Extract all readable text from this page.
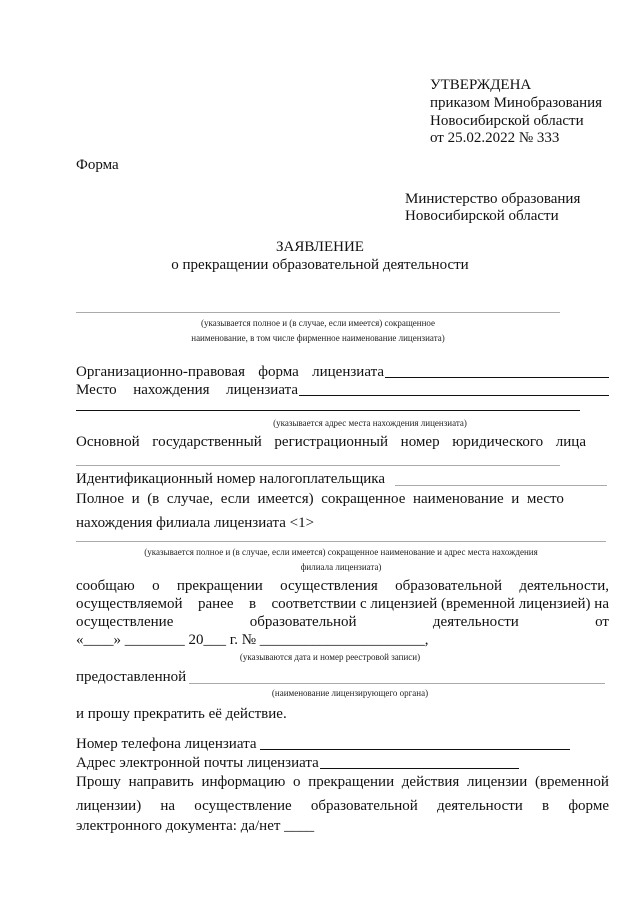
УТВЕРЖДЕНА
приказом Минобразования
Новосибирской области
от 25.02.2022 № 333
Форма
Министерство образования
Новосибирской области
ЗАЯВЛЕНИЕ
о прекращении образовательной деятельности
(указывается полное и (в случае, если имеется) сокращенное
наименование, в том числе фирменное наименование лицензиата)
Организационно-правовая форма лицензиата
Место нахождения лицензиата
(указывается адрес места нахождения лицензиата)
Основной государственный регистрационный номер юридического лица
Идентификационный номер налогоплательщика
Полное и (в случае, если имеется) сокращенное наименование и место
нахождения филиала лицензиата <1>
(указывается полное и (в случае, если имеется) сокращенное наименование и адрес места нахождения
филиала лицензиата)
сообщаю о прекращении осуществления образовательной деятельности,
осуществляемой ранее в соответствии с лицензией (временной лицензией) на
осуществление	образовательной	деятельности	от
«____» ________ 20___ г. № ______________________,
(указываются дата и номер реестровой записи)
предоставленной
(наименование лицензирующего органа)
и прошу прекратить её действие.
Номер телефона лицензиата
Адрес электронной почты лицензиата
Прошу направить информацию о прекращении действия лицензии (временной
лицензии) на осуществление образовательной деятельности в форме
электронного документа: да/нет ____
